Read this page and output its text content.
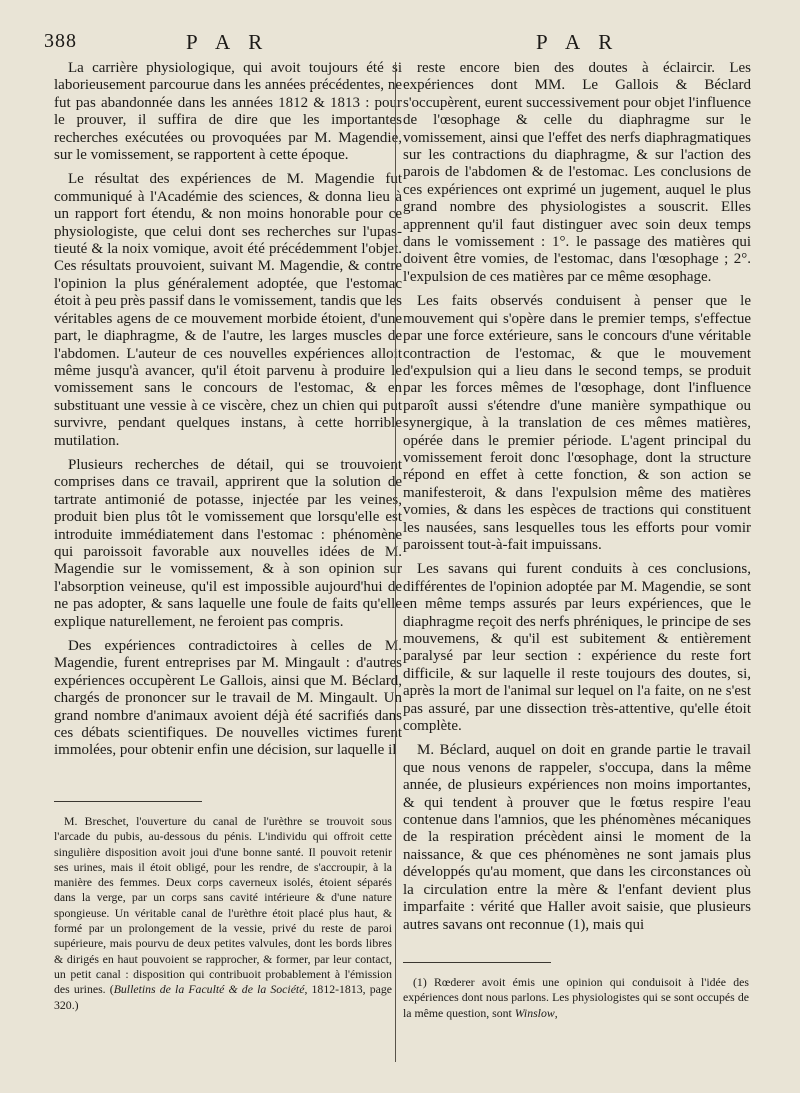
388	P A R	P A R

La carrière physiologique, qui avoit toujours été si laborieusement parcourue dans les années précédentes, ne fut pas abandonnée dans les années 1812 & 1813 : pour le prouver, il suffira de dire que les importantes recherches exécutées ou provoquées par M. Magendie, sur le vomissement, se rapportent à cette époque.

Le résultat des expériences de M. Magendie fut communiqué à l'Académie des sciences, & donna lieu à un rapport fort étendu, & non moins honorable pour ce physiologiste, que celui dont ses recherches sur l'upas-tieuté & la noix vomique, avoit été précédemment l'objet. Ces résultats prouvoient, suivant M. Magendie, & contre l'opinion la plus généralement adoptée, que l'estomac étoit à peu près passif dans le vomissement, tandis que les véritables agens de ce mouvement morbide étoient, d'une part, le diaphragme, & de l'autre, les larges muscles de l'abdomen. L'auteur de ces nouvelles expériences alloit même jusqu'à avancer, qu'il étoit parvenu à produire le vomissement sans le concours de l'estomac, & en substituant une vessie à ce viscère, chez un chien qui put survivre, pendant quelques instans, à cette horrible mutilation.

Plusieurs recherches de détail, qui se trouvoient comprises dans ce travail, apprirent que la solution de tartrate antimonié de potasse, injectée par les veines, produit bien plus tôt le vomissement que lorsqu'elle est introduite immédiatement dans l'estomac : phénomène qui paroissoit favorable aux nouvelles idées de M. Magendie sur le vomissement, & à son opinion sur l'absorption veineuse, qu'il est impossible aujourd'hui de ne pas adopter, & sans laquelle une foule de faits qu'elle explique naturellement, ne feroient pas compris.

Des expériences contradictoires à celles de M. Magendie, furent entreprises par M. Mingault : d'autres expériences occupèrent Le Gallois, ainsi que M. Béclard, chargés de prononcer sur le travail de M. Mingault. Un grand nombre d'animaux avoient déjà été sacrifiés dans ces débats scientifiques. De nouvelles victimes furent immolées, pour obtenir enfin une décision, sur laquelle il

reste encore bien des doutes à éclaircir. Les expériences dont MM. Le Gallois & Béclard s'occupèrent, eurent successivement pour objet l'influence de l'œsophage & celle du diaphragme sur le vomissement, ainsi que l'effet des nerfs diaphragmatiques sur les contractions du diaphragme, & sur l'action des parois de l'abdomen & de l'estomac. Les conclusions de ces expériences ont exprimé un jugement, auquel le plus grand nombre des physiologistes a souscrit. Elles apprennent qu'il faut distinguer avec soin deux temps dans le vomissement : 1°. le passage des matières qui doivent être vomies, de l'estomac, dans l'œsophage ; 2°. l'expulsion de ces matières par ce même œsophage.

Les faits observés conduisent à penser que le mouvement qui s'opère dans le premier temps, s'effectue par une force extérieure, sans le concours d'une véritable contraction de l'estomac, & que le mouvement d'expulsion qui a lieu dans le second temps, se produit par les forces mêmes de l'œsophage, dont l'influence paroît aussi s'étendre d'une manière sympathique ou synergique, à la translation de ces mêmes matières, opérée dans le premier période. L'agent principal du vomissement feroit donc l'œsophage, dont la structure répond en effet à cette fonction, & son action se manifesteroit, & dans l'expulsion même des matières vomies, & dans les espèces de tractions qui constituent les nausées, sans lesquelles tous les efforts pour vomir paroissent tout-à-fait impuissans.

Les savans qui furent conduits à ces conclusions, différentes de l'opinion adoptée par M. Magendie, se sont en même temps assurés par leurs expériences, que le diaphragme reçoit des nerfs phréniques, le principe de ses mouvemens, & qu'il est subitement & entièrement paralysé par leur section : expérience du reste fort difficile, & sur laquelle il reste toujours des doutes, si, après la mort de l'animal sur lequel on l'a faite, on ne s'est pas assuré, par une dissection très-attentive, qu'elle étoit complète.

M. Béclard, auquel on doit en grande partie le travail que nous venons de rappeler, s'occupa, dans la même année, de plusieurs expériences non moins importantes, & qui tendent à prouver que le fœtus respire l'eau contenue dans l'amnios, que les phénomènes mécaniques de la respiration précèdent ainsi le moment de la naissance, & que ces phénomènes ne sont jamais plus développés qu'au moment, que dans les circonstances où la circulation entre la mère & l'enfant devient plus imparfaite : vérité que Haller avoit saisie, que plusieurs autres savans ont reconnue (1), mais qui

M. Breschet, l'ouverture du canal de l'urèthre se trouvoit sous l'arcade du pubis, au-dessous du pénis. L'individu qui offroit cette singulière disposition avoit joui d'une bonne santé. Il pouvoit retenir ses urines, mais il étoit obligé, pour les rendre, de s'accroupir, à la manière des femmes. Deux corps caverneux isolés, étoient séparés dans la verge, par un corps sans cavité intérieure & d'une nature spongieuse. Un véritable canal de l'urèthre étoit placé plus haut, & formé par un prolongement de la vessie, privé du reste de paroi supérieure, mais pourvu de deux petites valvules, dont les bords libres & dirigés en haut pouvoient se rapprocher, & former, par leur contact, un petit canal : disposition qui contribuoit probablement à l'émission des urines. (Bulletins de la Faculté & de la Société, 1812-1813, page 320.)

(1) Rœderer avoit émis une opinion qui conduisoit à l'idée des expériences dont nous parlons. Les physiologistes qui se sont occupés de la même question, sont Winslow,
